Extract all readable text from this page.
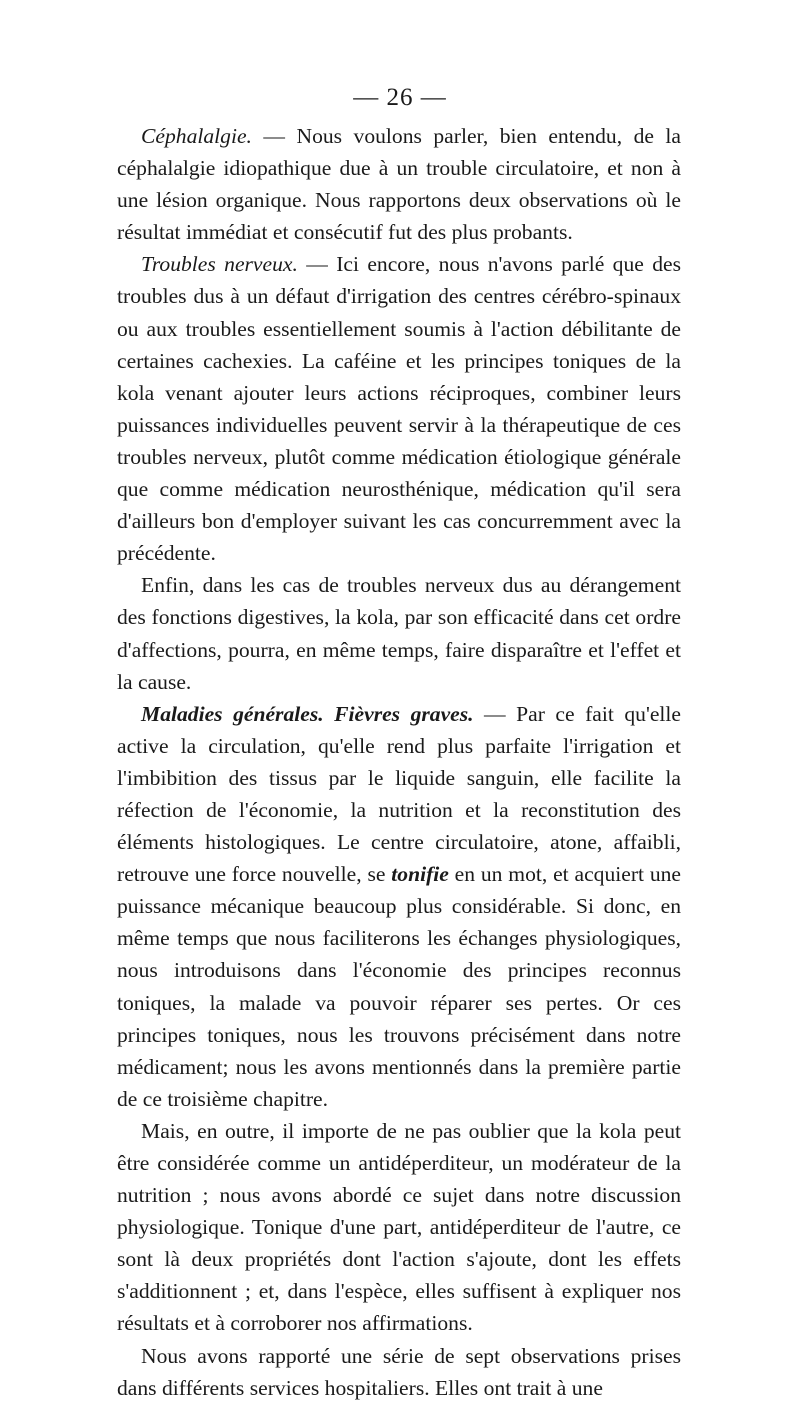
— 26 —

Céphalalgie. — Nous voulons parler, bien entendu, de la céphalalgie idiopathique due à un trouble circulatoire, et non à une lésion organique. Nous rapportons deux observations où le résultat immédiat et consécutif fut des plus probants.

Troubles nerveux. — Ici encore, nous n'avons parlé que des troubles dus à un défaut d'irrigation des centres cérébro-spinaux ou aux troubles essentiellement soumis à l'action débilitante de certaines cachexies. La caféine et les principes toniques de la kola venant ajouter leurs actions réciproques, combiner leurs puissances individuelles peuvent servir à la thérapeutique de ces troubles nerveux, plutôt comme médication étiologique générale que comme médication neurosthénique, médication qu'il sera d'ailleurs bon d'employer suivant les cas concurremment avec la précédente.

Enfin, dans les cas de troubles nerveux dus au dérangement des fonctions digestives, la kola, par son efficacité dans cet ordre d'affections, pourra, en même temps, faire disparaître et l'effet et la cause.

Maladies générales. Fièvres graves. — Par ce fait qu'elle active la circulation, qu'elle rend plus parfaite l'irrigation et l'imbibition des tissus par le liquide sanguin, elle facilite la réfection de l'économie, la nutrition et la reconstitution des éléments histologiques. Le centre circulatoire, atone, affaibli, retrouve une force nouvelle, se tonifie en un mot, et acquiert une puissance mécanique beaucoup plus considérable. Si donc, en même temps que nous faciliterons les échanges physiologiques, nous introduisons dans l'économie des principes reconnus toniques, la malade va pouvoir réparer ses pertes. Or ces principes toniques, nous les trouvons précisément dans notre médicament; nous les avons mentionnés dans la première partie de ce troisième chapitre.

Mais, en outre, il importe de ne pas oublier que la kola peut être considérée comme un antidéperditeur, un modérateur de la nutrition ; nous avons abordé ce sujet dans notre discussion physiologique. Tonique d'une part, antidéperditeur de l'autre, ce sont là deux propriétés dont l'action s'ajoute, dont les effets s'additionnent ; et, dans l'espèce, elles suffisent à expliquer nos résultats et à corroborer nos affirmations.

Nous avons rapporté une série de sept observations prises dans différents services hospitaliers. Elles ont trait à une
